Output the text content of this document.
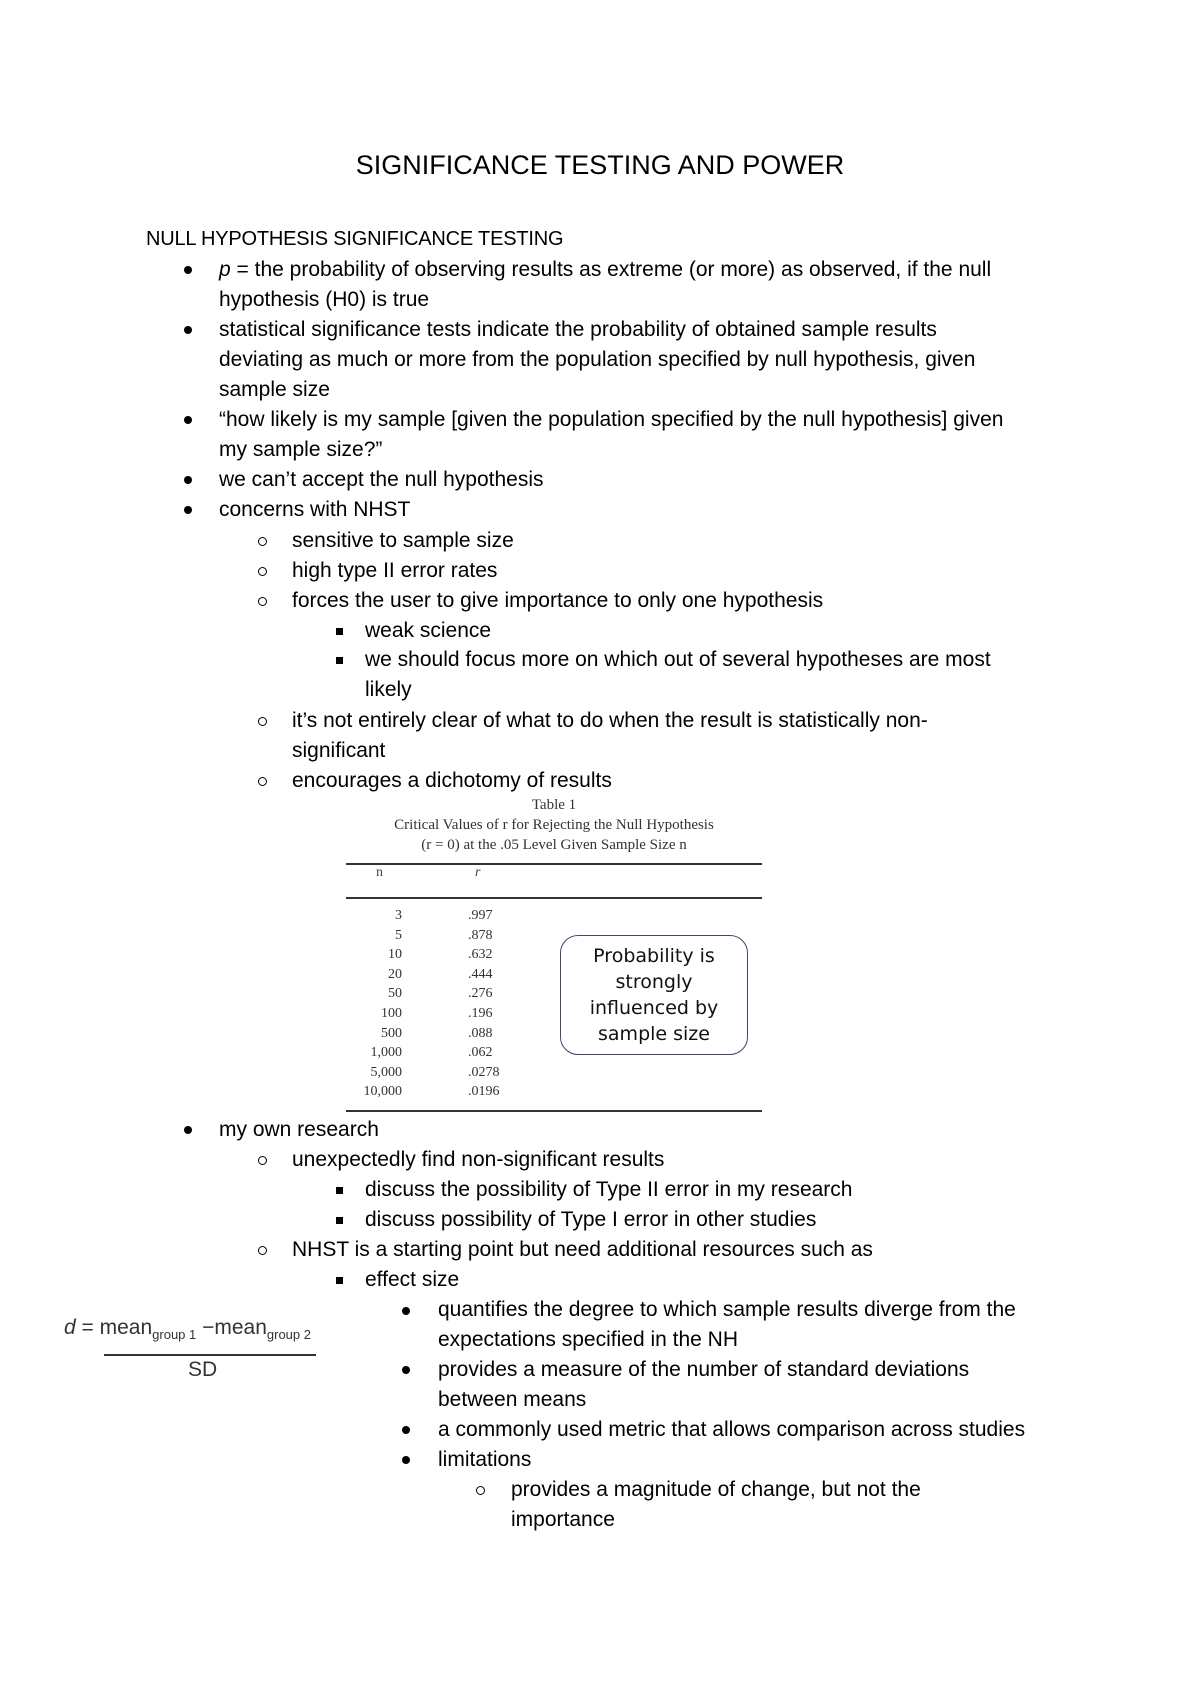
SIGNIFICANCE TESTING AND POWER
NULL HYPOTHESIS SIGNIFICANCE TESTING
p = the probability of observing results as extreme (or more) as observed, if the null
hypothesis (H0) is true
statistical significance tests indicate the probability of obtained sample results
deviating as much or more from the population specified by null hypothesis, given
sample size
“how likely is my sample [given the population specified by the null hypothesis] given
my sample size?”
we can’t accept the null hypothesis
concerns with NHST
sensitive to sample size
high type II error rates
forces the user to give importance to only one hypothesis
weak science
we should focus more on which out of several hypotheses are most
likely
it’s not entirely clear of what to do when the result is statistically non-
significant
encourages a dichotomy of results
Table 1
Critical Values of r for Rejecting the Null Hypothesis
(r = 0) at the .05 Level Given Sample Size n
n	r
3	.997
5	.878
10	.632
20	.444
50	.276
100	.196
500	.088
1,000	.062
5,000	.0278
10,000	.0196
Probability is strongly influenced by sample size
my own research
unexpectedly find non-significant results
discuss the possibility of Type II error in my research
discuss possibility of Type I error in other studies
NHST is a starting point but need additional resources such as
effect size
quantifies the degree to which sample results diverge from the
expectations specified in the NH
provides a measure of the number of standard deviations
between means
a commonly used metric that allows comparison across studies
limitations
provides a magnitude of change, but not the
importance
d = mean$_{group 1}$ −mean$_{group 2}$
SD
